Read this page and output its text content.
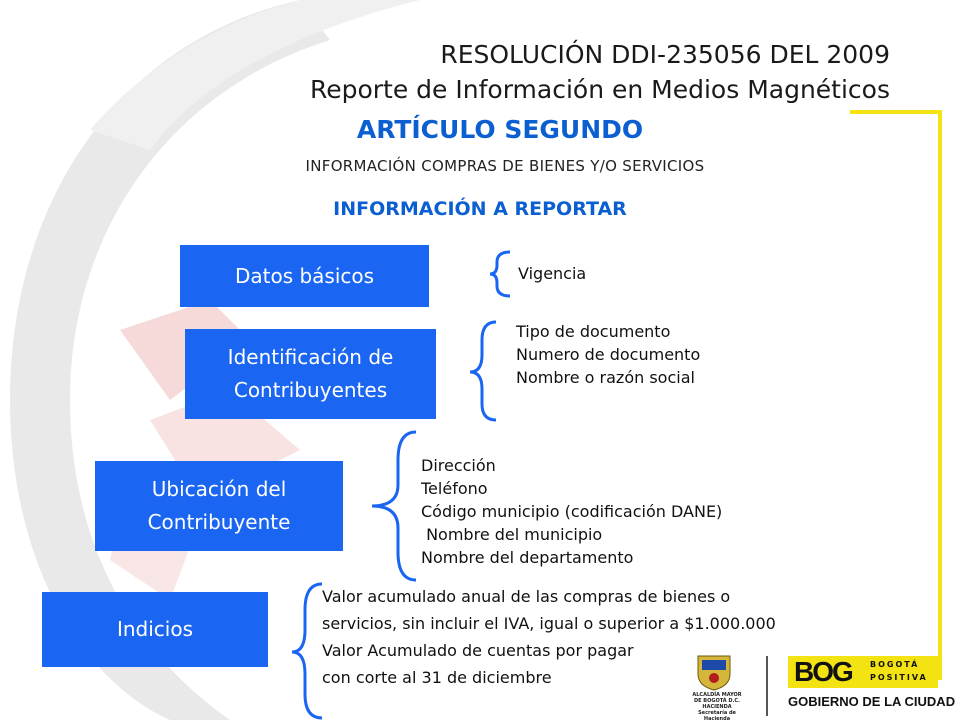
RESOLUCIÓN DDI-235056 DEL 2009
Reporte de Información en Medios Magnéticos
ARTÍCULO SEGUNDO
INFORMACIÓN COMPRAS DE BIENES Y/O SERVICIOS
INFORMACIÓN A REPORTAR
Datos básicos	Vigencia
Identificación de
Contribuyentes
Tipo de documento
Numero de documento
Nombre o razón social
Ubicación del
Contribuyente
Dirección
Teléfono
Código municipio (codificación DANE)
Nombre del municipio
Nombre del departamento
Indicios
Valor acumulado anual de las compras de bienes o
servicios, sin incluir el IVA, igual o superior a $1.000.000
Valor Acumulado de cuentas por pagar
con corte al 31 de diciembre
ALCALDÍA MAYOR
DE BOGOTÁ D.C.
HACIENDA
Secretaría de Hacienda
BOG BOGOTÁ
POSITIVA
GOBIERNO DE LA CIUDAD
